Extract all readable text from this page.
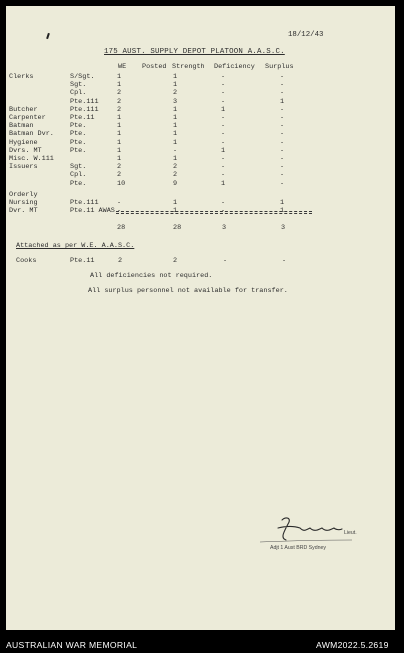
18/12/43
175 AUST. SUPPLY DEPOT PLATOON A.A.S.C.
WE Posted Strength Deficiency Surplus
Clerks	S/Sgt.	1	1	-	-
Sgt.	1	1	-	-
Cpl.	2	2	-	-
Pte.111	2	3	-	1
Butcher	Pte.111	2	1	1	-
Carpenter	Pte.11	1	1	-	-
Batman	Pte.	1	1	-	-
Batman Dvr. Pte.	1	1	-	-
Hygiene	Pte.	1	1	-	-
Dvrs. MT	Pte.	1	-	1	-
Misc. W.111	1	1	-	-
Issuers	Sgt.	2	2	-	-
Cpl.	2	2	-	-
Pte.	10	9	1	-
Orderly
Nursing	Pte.111	-	1	-	1
Dvr. MT	Pte.11 AWAS -	1	-	1
28	28	3	3
Attached as per W.E. A.A.S.C.
Cooks	Pte.11	2	2	-	-
All deficiencies not required.
All surplus personnel not available for transfer.
Lieut.
Adjt 1 Aust BRD Sydney
AUSTRALIAN WAR MEMORIAL	AWM2022.5.2619
